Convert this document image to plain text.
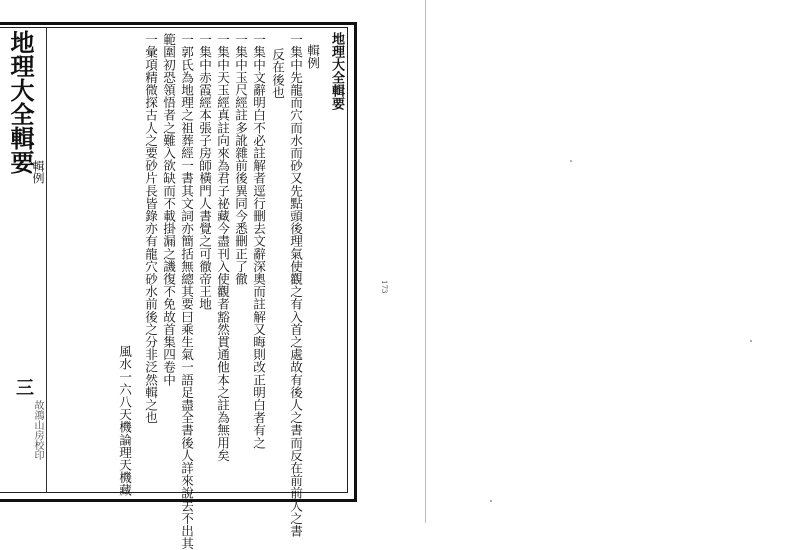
地理大全輯要
輯例
三
故鴻山房校印
地理大全輯要
輯例
一集中先龍而穴而水而砂又先點頭後理氣使觀之有入首之處故有後人之書而反在前前人之書
反在後也
一集中文辭明白不必註解者逕行刪去文辭深奧而註解又晦則改正明白者有之
一集中玉尺經註多訛雜前後異同今悉刪正了徹
一集中天玉經真註向來為君子祕藏今盡刊入使觀者豁然貫通他本之註為無用矣
一集中赤霞經本張子房師橫門人書覺之可徹帝王地
一郭氏為地理之祖葬經一書其文詞亦簡括無總其要曰乘生氣一語足盡全書後人詳來說去不出其
範圍初恐領悟者之難入欲缺而不載掛漏之譏復不免故首集四卷中
一彙項精微探古人之要砂片長皆錄亦有龍穴砂水前後之分非泛然輯之也
風水一六八天機論理天機藏
173
